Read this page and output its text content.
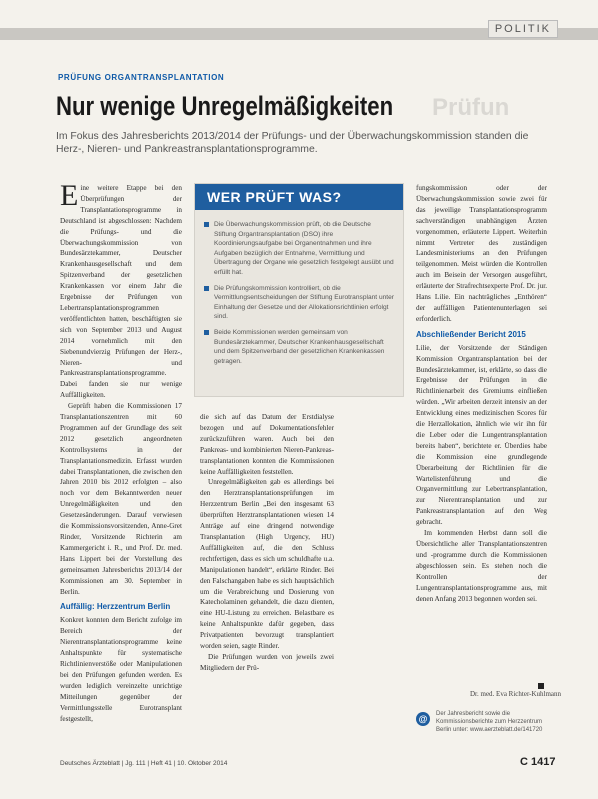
POLITIK
PRÜFUNG ORGANTRANSPLANTATION
Nur wenige Unregelmäßigkeiten Prüfun
Im Fokus des Jahresberichts 2013/2014 der Prüfungs- und der Überwachungskommission standen die Herz-, Nieren- und Pankreastransplantationsprogramme.
E ine weitere Etappe bei den Überprüfungen der Transplantationsprogramme in Deutschland ist abgeschlossen: Nachdem die Prüfungs- und die Überwachungskommission von Bundesärztekammer, Deutscher Krankenhausgesellschaft und dem Spitzenverband der gesetzlichen Krankenkassen vor einem Jahr die Ergebnisse der Prüfungen von Lebertransplantationsprogrammen veröffentlichten hatten, beschäftigten sie sich von September 2013 und August 2014 vornehmlich mit den Siebenundvierzig Prüfungen der Herz-, Nieren- und Pankreastransplantationsprogramme. Dabei fanden sie nur wenige Auffälligkeiten.

Geprüft haben die Kommissionen 17 Transplantationszentren mit 60 Programmen auf der Grundlage des seit 2012 gesetzlich angeordneten Kontrollsystems in der Transplantationsmedizin. Erfasst wurden dabei Transplantationen, die zwischen den Jahren 2010 bis 2012 erfolgten – also noch vor dem Bekanntwerden neuer Unregelmäßigkeiten und den Gesetzesänderungen. Darauf verwiesen die Kommissionsvorsitzenden, Anne-Gret Rinder, Vorsitzende Richterin am Kammergericht i. R., und Prof. Dr. med. Hans Lippert bei der Vorstellung des gemeinsamen Jahresberichts 2013/14 der Kommissionen am 30. September in Berlin.

Auffällig: Herzzentrum Berlin

Konkret konnten dem Bericht zufolge im Bereich der Nierentransplantationsprogramme keine Anhaltspunkte für systematische Richtlinienverstöße oder Manipulationen bei den Prüfungen gefunden werden. Es wurden lediglich vereinzelte unrichtige Mitteilungen gegenüber der Vermittlungsstelle Eurotransplant festgestellt,

WER PRÜFT WAS?
Die Überwachungskommission prüft, ob die Deutsche Stiftung Organtransplantation (DSO) ihre Koordinierungsaufgabe bei Organentnahmen und ihre Aufgaben bezüglich der Entnahme, Vermittlung und Übertragung der Organe wie gesetzlich festgelegt ausübt und erfüllt hat.
Die Prüfungskommission kontrolliert, ob die Vermittlungsentscheidungen der Stiftung Eurotransplant unter Einhaltung der Gesetze und der Allokationsrichtlinien erfolgt sind.
Beide Kommissionen werden gemeinsam von Bundesärztekammer, Deutscher Krankenhausgesellschaft und dem Spitzenverband der gesetzlichen Krankenkassen getragen.

die sich auf das Datum der Erstdialyse bezogen und auf Dokumentationsfehler zurückzuführen waren. Auch bei den Pankreas- und kombinierten Nieren-Pankreas-transplantationen konnten die Kommissionen keine Auffälligkeiten feststellen.

Unregelmäßigkeiten gab es allerdings bei den Herztransplantationsprüfungen im Herzzentrum Berlin „Bei den insgesamt 63 überprüften Herztransplantationen wiesen 14 Anträge auf eine dringend notwendige Transplantation (High Urgency, HU) Auffälligkeiten auf, die den Schluss rechtfertigen, dass es sich um schuldhafte u.a. Manipulationen handelt“, erklärte Rinder. Bei den Falschangaben habe es sich hauptsächlich um die Verabreichung und Dosierung von Katecholaminen gehandelt, die dazu dienten, eine HU-Listung zu erreichen. Belastbare es keine Anhaltspunkte dafür gegeben, dass Privatpatienten bevorzugt transplantiert worden seien, sagte Rinder.

Die Prüfungen wurden von jeweils zwei Mitgliedern der Prü-

fungskommission oder der Überwachungskommission sowie zwei für das jeweilige Transplantationsprogramm sachverständigen unabhängigen Ärzten vorgenommen, erläuterte Lippert. Weiterhin nimmt Vertreter des zuständigen Landesministeriums an den Prüfungen teilgenommen. Meist würden die Kontrollen auch im Beisein der Versorgen ausgeführt, erläuterte der Strafrechtsexperte Prof. Dr. jur. Hans Lilie. Ein nachträgliches „Enthören“ der auffälligen Patientenunterlagen sei erforderlich.

Abschließender Bericht 2015

Lilie, der Vorsitzende der Ständigen Kommission Organtransplantation bei der Bundesärztekammer, ist, erklärte, so dass die Ergebnisse der Prüfungen in die Richtlinienarbeit des Gremiums einfließen würden. „Wir arbeiten derzeit intensiv an der Entwicklung eines medizinischen Scores für die Herzallokation, ähnlich wie wir ihn für die Leber oder die Lungentransplantation bereits haben“, berichtete er. Überdies habe die Kommission eine grundlegende Überarbeitung der Richtlinien für die Wartelistenführung und die Organvermittlung zur Lebertransplantation, zur Nierentransplantation und zur Pankreastransplantation auf den Weg gebracht.

Im kommenden Herbst dann soll die Übersichtliche aller Transplantationszentren und -programme durch die Kommissionen abgeschlossen sein. Es stehen noch die Kontrollen der Lungentransplantationsprogramme aus, mit denen Anfang 2013 begonnen worden sei.

Dr. med. Eva Richter-Kuhlmann
@	Der Jahresbericht sowie die Kommissionsberichte zum Herzzentrum Berlin unter: www.aerzteblatt.de/141720
Deutsches Ärzteblatt | Jg. 111 | Heft 41 | 10. Oktober 2014	C 1417
